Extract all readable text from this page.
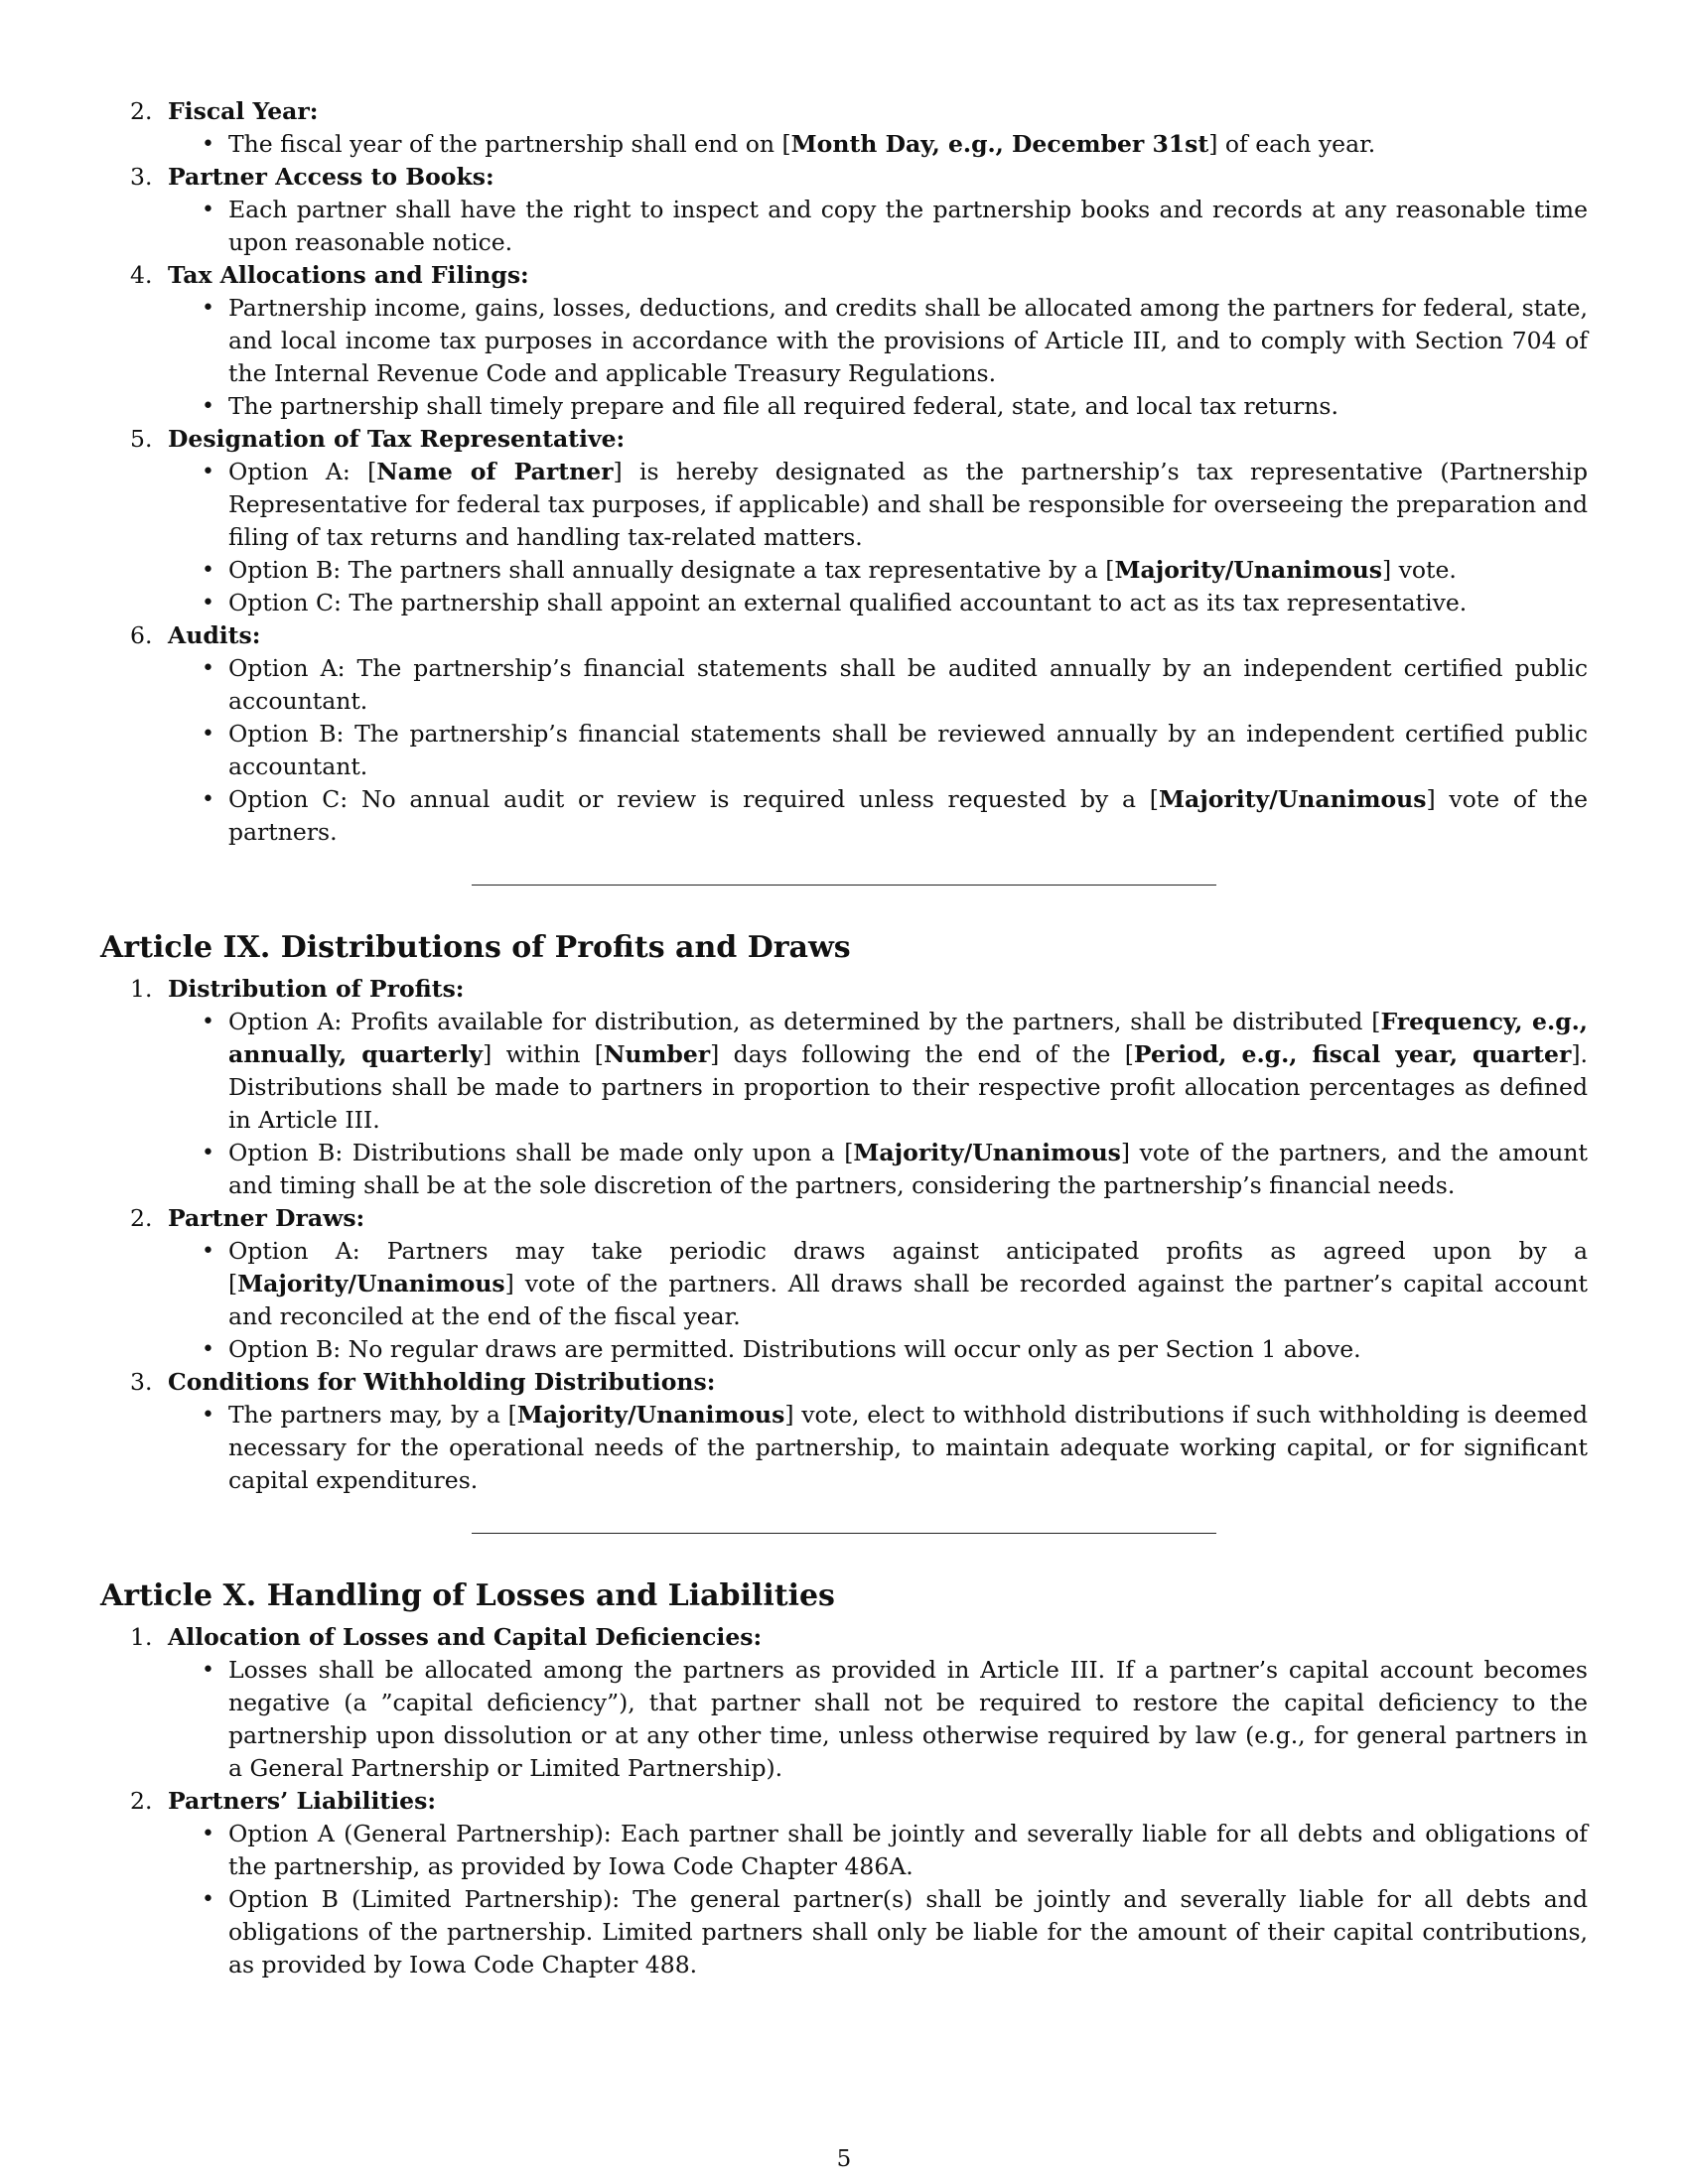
2. Fiscal Year:
• The fiscal year of the partnership shall end on [Month Day, e.g., December 31st] of each year.
3. Partner Access to Books:
• Each partner shall have the right to inspect and copy the partnership books and records at any reasonable time upon reasonable notice.
4. Tax Allocations and Filings:
• Partnership income, gains, losses, deductions, and credits shall be allocated among the partners for federal, state, and local income tax purposes in accordance with the provisions of Article III, and to comply with Section 704 of the Internal Revenue Code and applicable Treasury Regulations.
• The partnership shall timely prepare and file all required federal, state, and local tax returns.
5. Designation of Tax Representative:
• Option A: [Name of Partner] is hereby designated as the partnership’s tax representative (Partnership Representative for federal tax purposes, if applicable) and shall be responsible for overseeing the preparation and filing of tax returns and handling tax-related matters.
• Option B: The partners shall annually designate a tax representative by a [Majority/Unanimous] vote.
• Option C: The partnership shall appoint an external qualified accountant to act as its tax representative.
6. Audits:
• Option A: The partnership’s financial statements shall be audited annually by an independent certified public accountant.
• Option B: The partnership’s financial statements shall be reviewed annually by an independent certified public accountant.
• Option C: No annual audit or review is required unless requested by a [Majority/Unanimous] vote of the partners.
Article IX. Distributions of Profits and Draws
1. Distribution of Profits:
• Option A: Profits available for distribution, as determined by the partners, shall be distributed [Frequency, e.g., annually, quarterly] within [Number] days following the end of the [Period, e.g., fiscal year, quarter]. Distributions shall be made to partners in proportion to their respective profit allocation percentages as defined in Article III.
• Option B: Distributions shall be made only upon a [Majority/Unanimous] vote of the partners, and the amount and timing shall be at the sole discretion of the partners, considering the partnership’s financial needs.
2. Partner Draws:
• Option A: Partners may take periodic draws against anticipated profits as agreed upon by a [Majority/Unanimous] vote of the partners. All draws shall be recorded against the partner’s capital account and reconciled at the end of the fiscal year.
• Option B: No regular draws are permitted. Distributions will occur only as per Section 1 above.
3. Conditions for Withholding Distributions:
• The partners may, by a [Majority/Unanimous] vote, elect to withhold distributions if such withholding is deemed necessary for the operational needs of the partnership, to maintain adequate working capital, or for significant capital expenditures.
Article X. Handling of Losses and Liabilities
1. Allocation of Losses and Capital Deficiencies:
• Losses shall be allocated among the partners as provided in Article III. If a partner’s capital account becomes negative (a ”capital deficiency”), that partner shall not be required to restore the capital deficiency to the partnership upon dissolution or at any other time, unless otherwise required by law (e.g., for general partners in a General Partnership or Limited Partnership).
2. Partners’ Liabilities:
• Option A (General Partnership): Each partner shall be jointly and severally liable for all debts and obligations of the partnership, as provided by Iowa Code Chapter 486A.
• Option B (Limited Partnership): The general partner(s) shall be jointly and severally liable for all debts and obligations of the partnership. Limited partners shall only be liable for the amount of their capital contributions, as provided by Iowa Code Chapter 488.
5
